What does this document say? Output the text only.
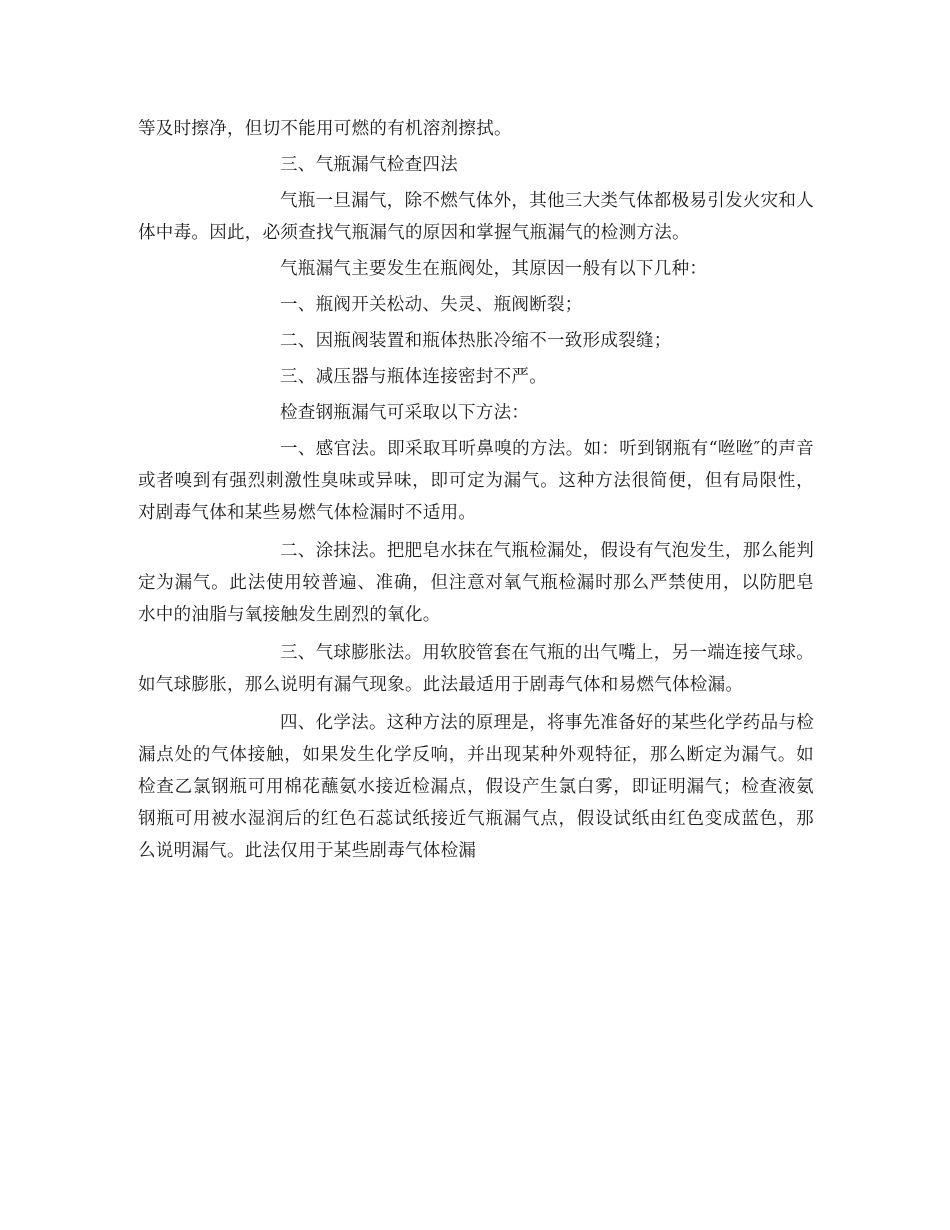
等及时擦净，但切不能用可燃的有机溶剂擦拭。

三、气瓶漏气检查四法

气瓶一旦漏气，除不燃气体外，其他三大类气体都极易引发火灾和人体中毒。因此，必须查找气瓶漏气的原因和掌握气瓶漏气的检测方法。

气瓶漏气主要发生在瓶阀处，其原因一般有以下几种：

一、瓶阀开关松动、失灵、瓶阀断裂；

二、因瓶阀装置和瓶体热胀冷缩不一致形成裂缝；

三、减压器与瓶体连接密封不严。

检查钢瓶漏气可采取以下方法：

一、感官法。即采取耳听鼻嗅的方法。如：听到钢瓶有“咝咝″的声音或者嗅到有强烈刺激性臭味或异味，即可定为漏气。这种方法很简便，但有局限性，对剧毒气体和某些易燃气体检漏时不适用。

二、涂抹法。把肥皂水抹在气瓶检漏处，假设有气泡发生，那么能判定为漏气。此法使用较普遍、准确，但注意对氧气瓶检漏时那么严禁使用，以防肥皂水中的油脂与氧接触发生剧烈的氧化。

三、气球膨胀法。用软胶管套在气瓶的出气嘴上，另一端连接气球。如气球膨胀，那么说明有漏气现象。此法最适用于剧毒气体和易燃气体检漏。

四、化学法。这种方法的原理是，将事先准备好的某些化学药品与检漏点处的气体接触，如果发生化学反响，并出现某种外观特征，那么断定为漏气。如检查乙氯钢瓶可用棉花蘸氨水接近检漏点，假设产生氯白雾，即证明漏气；检查液氨钢瓶可用被水湿润后的红色石蕊试纸接近气瓶漏气点，假设试纸由红色变成蓝色，那么说明漏气。此法仅用于某些剧毒气体检漏
